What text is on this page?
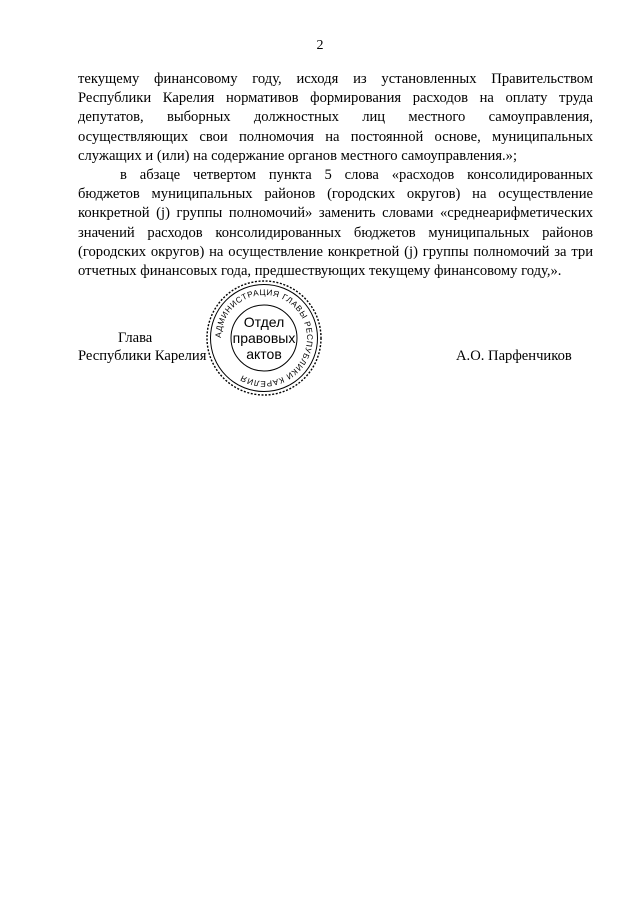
2

текущему финансовому году, исходя из установленных Правительством Республики Карелия нормативов формирования расходов на оплату труда депутатов, выборных должностных лиц местного самоуправления, осуществляющих свои полномочия на постоянной основе, муниципальных служащих и (или) на содержание органов местного самоуправления.»;

в абзаце четвертом пункта 5 слова «расходов консолидированных бюджетов муниципальных районов (городских округов) на осуществление конкретной (j) группы полномочий» заменить словами «среднеарифметических значений расходов консолидированных бюджетов муниципальных районов (городских округов) на осуществление конкретной (j) группы полномочий за три отчетных финансовых года, предшествующих текущему финансовому году,».

Глава
Республики Карелия	А.О. Парфенчиков
АДМИНИСТРАЦИЯ ГЛАВЫ РЕСПУБЛИКИ КАРЕЛИЯ
Отдел
правовых
актов
